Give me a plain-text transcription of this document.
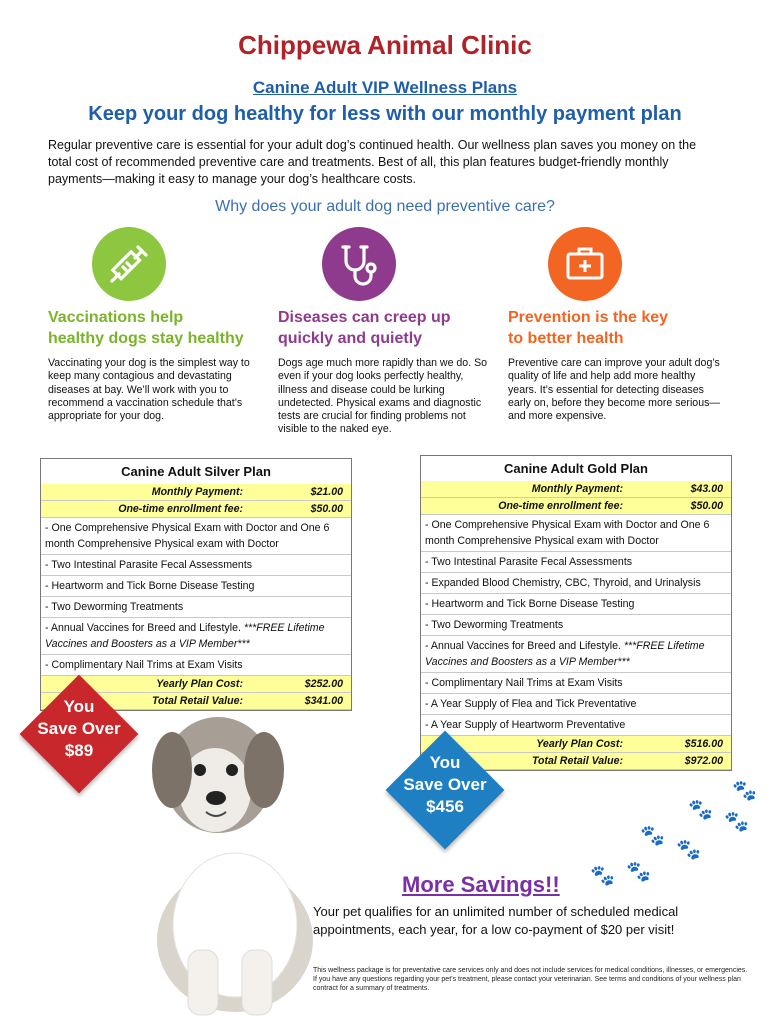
Chippewa Animal Clinic
Canine Adult VIP Wellness Plans
Keep your dog healthy for less with our monthly payment plan
Regular preventive care is essential for your adult dog’s continued health. Our wellness plan saves you money on the total cost of recommended preventive care and treatments. Best of all, this plan features budget-friendly monthly payments—making it easy to manage your dog’s healthcare costs.
Why does your adult dog need preventive care?
Vaccinations help
healthy dogs stay healthy
Diseases can creep up
quickly and quietly
Prevention is the key
to better health
Vaccinating your dog is the simplest way to keep many contagious and devastating diseases at bay. We’ll work with you to recommend a vaccination schedule that’s appropriate for your dog.
Dogs age much more rapidly than we do. So even if your dog looks perfectly healthy, illness and disease could be lurking undetected. Physical exams and diagnostic tests are crucial for finding problems not visible to the naked eye.
Preventive care can improve your adult dog’s quality of life and help add more healthy years. It’s essential for detecting diseases early on, before they become more serious—and more expensive.
Canine Adult Silver Plan
Monthly Payment:	$21.00
One-time enrollment fee:	$50.00
- One Comprehensive Physical Exam with Doctor and One 6 month Comprehensive Physical exam with Doctor
- Two Intestinal Parasite Fecal Assessments
- Heartworm and Tick Borne Disease Testing
- Two Deworming Treatments
- Annual Vaccines for Breed and Lifestyle. ***FREE Lifetime Vaccines and Boosters as a VIP Member***
- Complimentary Nail Trims at Exam Visits
Yearly Plan Cost:	$252.00
Total Retail Value:	$341.00
Canine Adult Gold Plan
Monthly Payment:	$43.00
One-time enrollment fee:	$50.00
- One Comprehensive Physical Exam with Doctor and One 6 month Comprehensive Physical exam with Doctor
- Two Intestinal Parasite Fecal Assessments
- Expanded Blood Chemistry, CBC, Thyroid, and Urinalysis
- Heartworm and Tick Borne Disease Testing
- Two Deworming Treatments
- Annual Vaccines for Breed and Lifestyle. ***FREE Lifetime Vaccines and Boosters as a VIP Member***
- Complimentary Nail Trims at Exam Visits
- A Year Supply of Flea and Tick Preventative
- A Year Supply of Heartworm Preventative
Yearly Plan Cost:	$516.00
Total Retail Value:	$972.00
You
Save Over
$89
You
Save Over
$456
🐾
🐾
🐾
🐾
🐾
🐾 🐾
More Savings!!
Your pet qualifies for an unlimited number of scheduled medical appointments, each year, for a low co-payment of $20 per visit!
This wellness package is for preventative care services only and does not include services for medical conditions, illnesses, or emergencies. If you have any questions regarding your pet’s treatment, please contact your veterinarian. See terms and conditions of your wellness plan contract for a summary of treatments.
